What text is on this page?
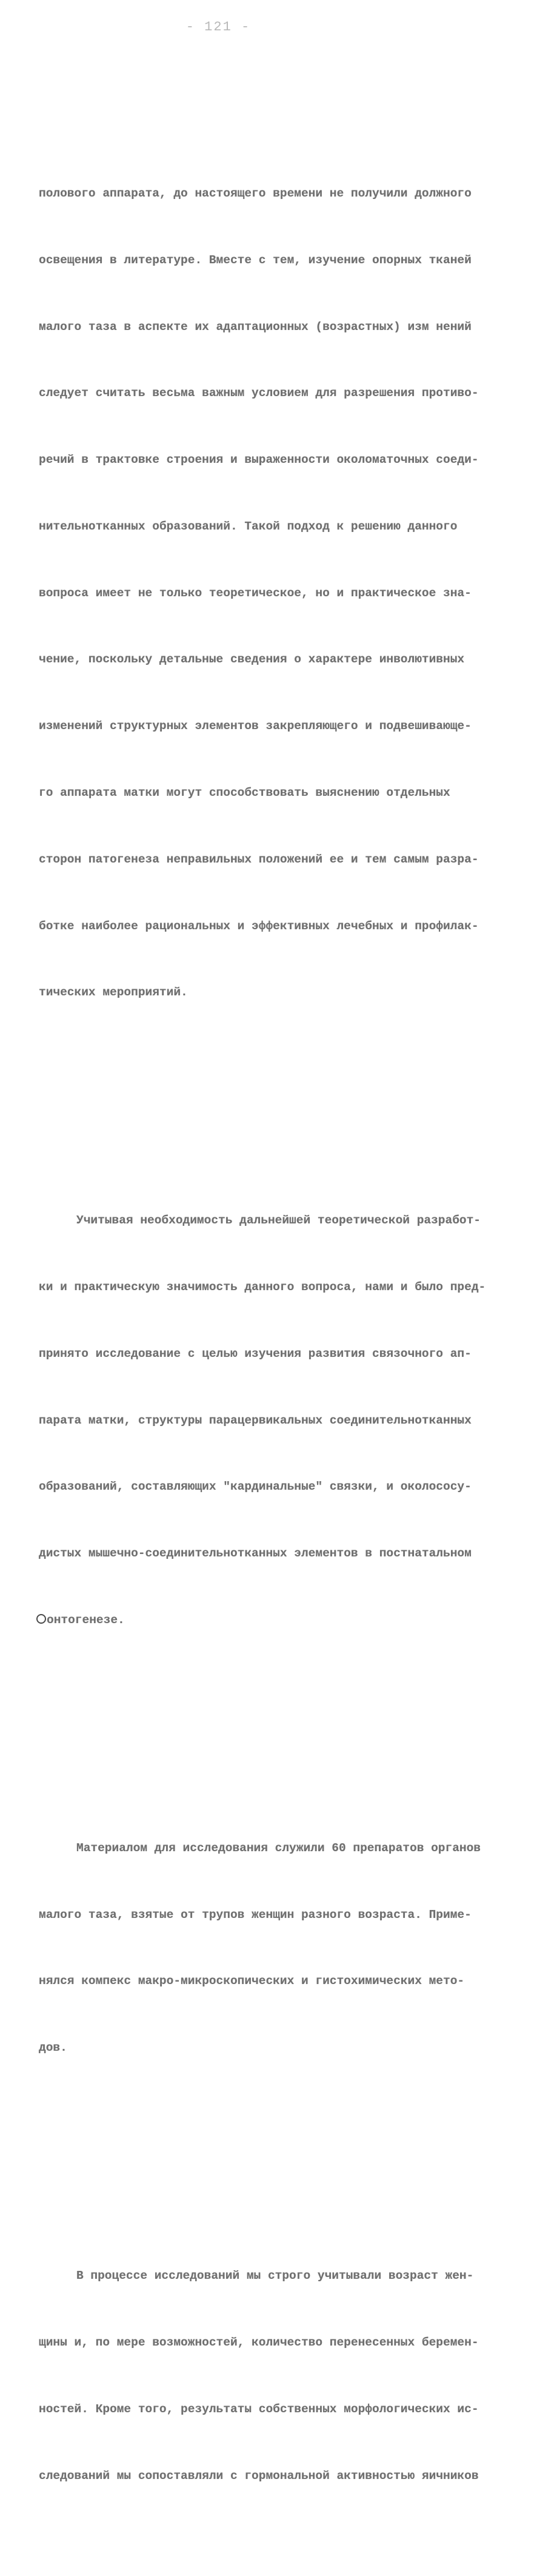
- 121 -

полового аппарата, до настоящего времени не получили должного

освещения в литературе. Вместе с тем, изучение опорных тканей

малого таза в аспекте их адаптационных (возрастных) изм нений

следует считать весьма важным условием для разрешения противо-

речий в трактовке строения и выраженности околоматочных соеди-

нительнотканных образований. Такой подход к решению данного

вопроса имеет не только теоретическое, но и практическое зна-

чение, поскольку детальные сведения о характере инволютивных

изменений структурных элементов закрепляющего и подвешивающе-

го аппарата матки могут способствовать выяснению отдельных

сторон патогенеза неправильных положений ее и тем самым разра-

ботке наиболее рациональных и эффективных лечебных и профилак-

тических мероприятий.

Учитывая необходимость дальнейшей теоретической разработ-

ки и практическую значимость данного вопроса, нами и было пред-

принято исследование с целью изучения развития связочного ап-

парата матки, структуры парацервикальных соединительнотканных

образований, составляющих "кардинальные" связки, и околососу-

дистых мышечно-соединительнотканных элементов в постнатальном

онтогенезе.

Материалом для исследования служили 60 препаратов органов

малого таза, взятые от трупов женщин разного возраста. Приме-

нялся компекс макро-микроскопических и гистохимических мето-

дов.

В процессе исследований мы строго учитывали возраст жен-

щины и, по мере возможностей, количество перенесенных беремен-

ностей. Кроме того, результаты собственных морфологических ис-

следований мы сопоставляли с гормональной активностью яичников
